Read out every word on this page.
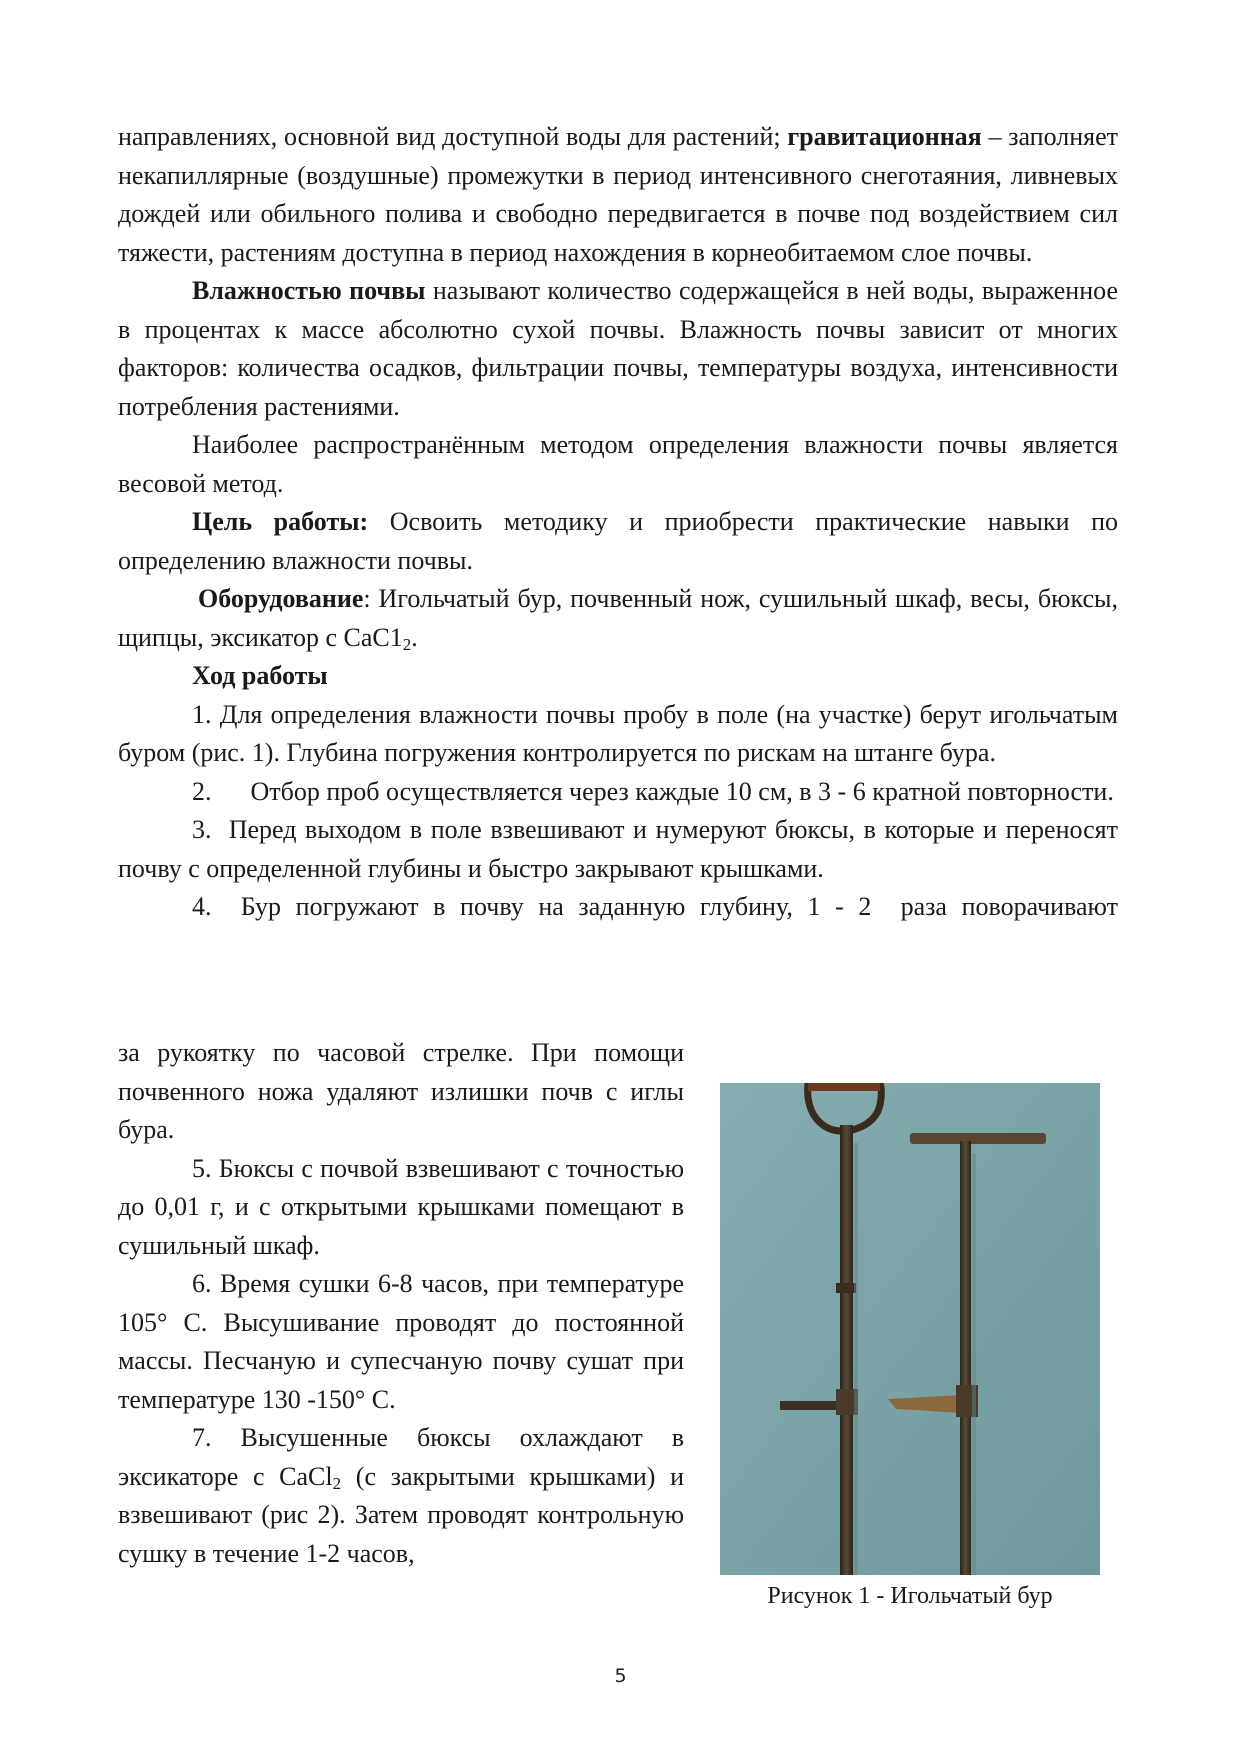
направлениях, основной вид доступной воды для растений; гравитационная – заполняет некапиллярные (воздушные) промежутки в период интенсивного снеготаяния, ливневых дождей или обильного полива и свободно передвигается в почве под воздействием сил тяжести, растениям доступна в период нахождения в корнеобитаемом слое почвы.

Влажностью почвы называют количество содержащейся в ней воды, выраженное в процентах к массе абсолютно сухой почвы. Влажность почвы зависит от многих факторов: количества осадков, фильтрации почвы, температуры воздуха, интенсивности потребления растениями.

Наиболее распространённым методом определения влажности почвы является весовой метод.

Цель работы: Освоить методику и приобрести практические навыки по определению влажности почвы.

Оборудование: Игольчатый бур, почвенный нож, сушильный шкаф, весы, бюксы, щипцы, эксикатор с $СаС1_2$.

Ход работы

1. Для определения влажности почвы пробу в поле (на участке) берут игольчатым буром (рис. 1). Глубина погружения контролируется по рискам на штанге бура.

2.      Отбор проб осуществляется через каждые 10 см, в 3 - 6 кратной повторности.

3.  Перед выходом в поле взвешивают и нумеруют бюксы, в которые и переносят почву с определенной глубины и быстро закрывают крышками.

4.  Бур погружают в почву на заданную глубину, 1 - 2  раза поворачивают

за рукоятку по часовой стрелке. При помощи почвенного ножа удаляют излишки почв с иглы бура.

5. Бюксы с почвой взвешивают с точностью до 0,01 г, и с открытыми крышками помещают в сушильный шкаф.

6. Время сушки 6-8 часов, при температуре 105° С. Высушивание проводят до постоянной массы. Песчаную и супесчаную почву сушат при температуре 130 -150° С.

7. Высушенные бюксы охлаждают в эксикаторе с CaCl$_2$ (с закрытыми крышками) и взвешивают (рис 2). Затем проводят контрольную сушку в течение 1-2 часов,

Рисунок 1 - Игольчатый бур
5
